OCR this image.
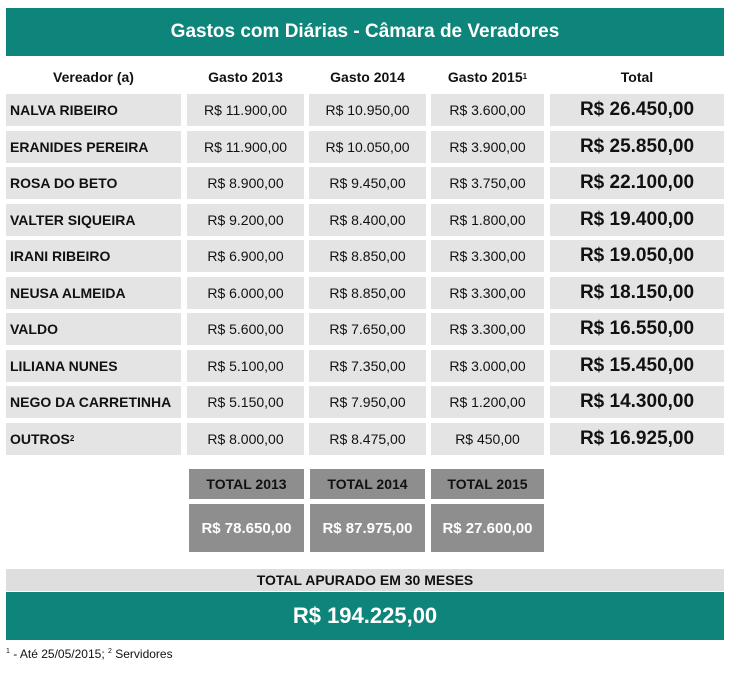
Gastos com Diárias - Câmara de Veradores
Vereador (a)	Gasto 2013	Gasto 2014	Gasto 2015 1	Total
NALVA RIBEIRO	R$ 11.900,00	R$ 10.950,00	R$ 3.600,00	R$ 26.450,00
ERANIDES PEREIRA	R$ 11.900,00	R$ 10.050,00	R$ 3.900,00	R$ 25.850,00
ROSA DO BETO	R$ 8.900,00	R$ 9.450,00	R$ 3.750,00	R$ 22.100,00
VALTER SIQUEIRA	R$ 9.200,00	R$ 8.400,00	R$ 1.800,00	R$ 19.400,00
IRANI RIBEIRO	R$ 6.900,00	R$ 8.850,00	R$ 3.300,00	R$ 19.050,00
NEUSA ALMEIDA	R$ 6.000,00	R$ 8.850,00	R$ 3.300,00	R$ 18.150,00
VALDO	R$ 5.600,00	R$ 7.650,00	R$ 3.300,00	R$ 16.550,00
LILIANA NUNES	R$ 5.100,00	R$ 7.350,00	R$ 3.000,00	R$ 15.450,00
NEGO DA CARRETINHA	R$ 5.150,00	R$ 7.950,00	R$ 1.200,00	R$ 14.300,00
OUTROS 2	R$ 8.000,00	R$ 8.475,00	R$ 450,00	R$ 16.925,00
TOTAL 2013	TOTAL 2014	TOTAL 2015
R$ 78.650,00	R$ 87.975,00	R$ 27.600,00
TOTAL APURADO EM 30 MESES
R$ 194.225,00
$^1$ - Até 25/05/2015; $^2$ Servidores
